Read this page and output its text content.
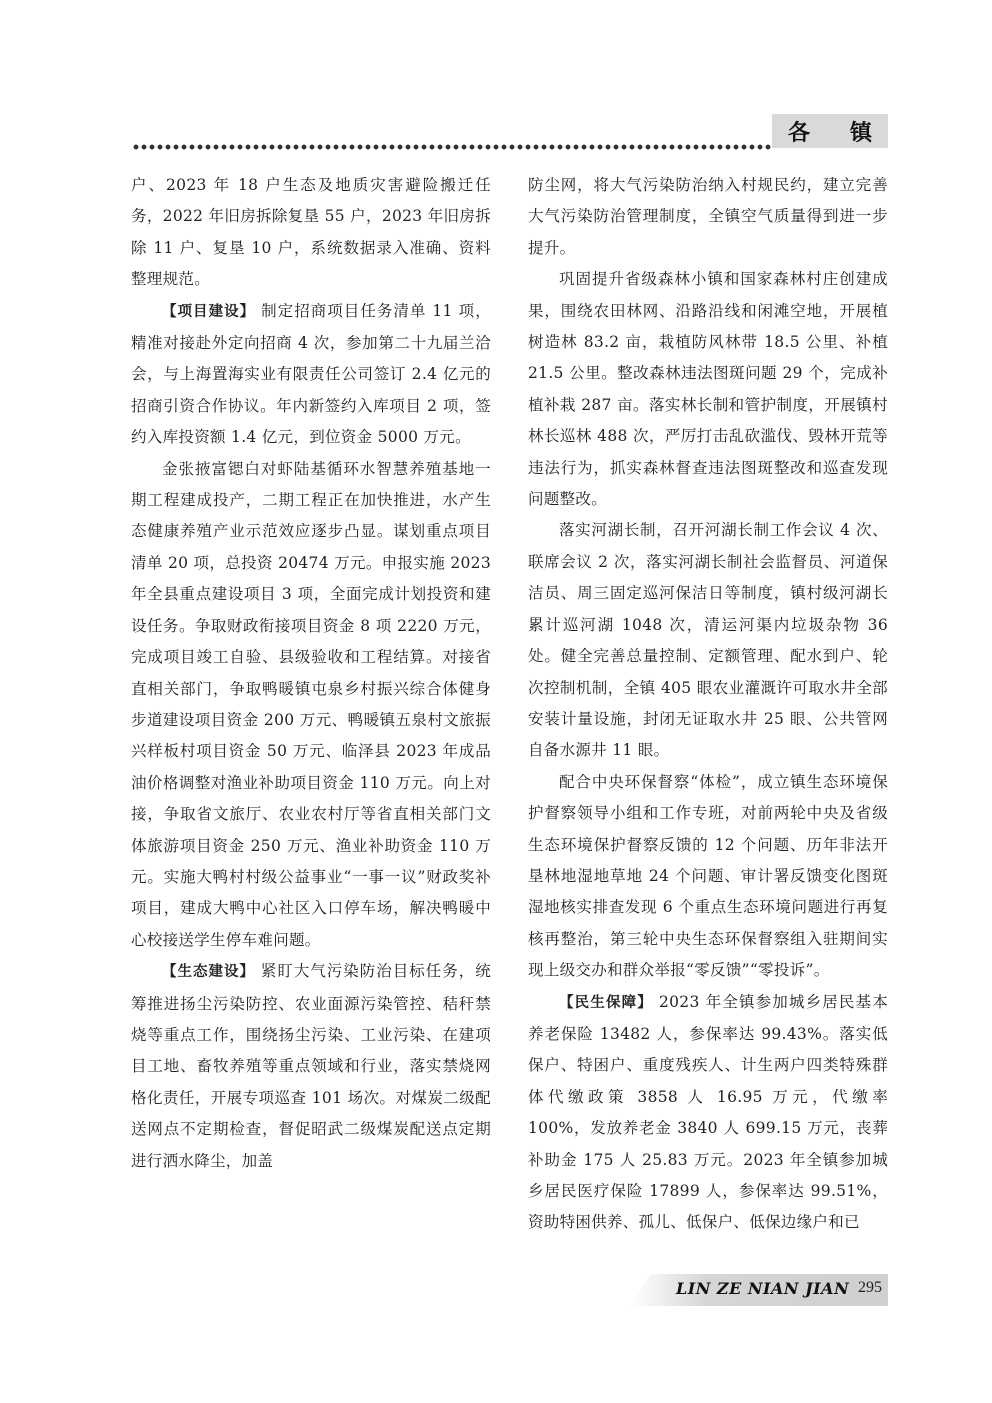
各 镇

户、2023 年 18 户生态及地质灾害避险搬迁任务，2022 年旧房拆除复垦 55 户，2023 年旧房拆除 11 户、复垦 10 户，系统数据录入准确、资料整理规范。

【项目建设】 制定招商项目任务清单 11 项，精准对接赴外定向招商 4 次，参加第二十九届兰洽会，与上海置海实业有限责任公司签订 2.4 亿元的招商引资合作协议。年内新签约入库项目 2 项，签约入库投资额 1.4 亿元，到位资金 5000 万元。

金张掖富锶白对虾陆基循环水智慧养殖基地一期工程建成投产，二期工程正在加快推进，水产生态健康养殖产业示范效应逐步凸显。谋划重点项目清单 20 项，总投资 20474 万元。申报实施 2023 年全县重点建设项目 3 项，全面完成计划投资和建设任务。争取财政衔接项目资金 8 项 2220 万元，完成项目竣工自验、县级验收和工程结算。对接省直相关部门，争取鸭暖镇屯泉乡村振兴综合体健身步道建设项目资金 200 万元、鸭暖镇五泉村文旅振兴样板村项目资金 50 万元、临泽县 2023 年成品油价格调整对渔业补助项目资金 110 万元。向上对接，争取省文旅厅、农业农村厅等省直相关部门文体旅游项目资金 250 万元、渔业补助资金 110 万元。实施大鸭村村级公益事业“一事一议”财政奖补项目，建成大鸭中心社区入口停车场，解决鸭暖中心校接送学生停车难问题。

【生态建设】 紧盯大气污染防治目标任务，统筹推进扬尘污染防控、农业面源污染管控、秸秆禁烧等重点工作，围绕扬尘污染、工业污染、在建项目工地、畜牧养殖等重点领域和行业，落实禁烧网格化责任，开展专项巡查 101 场次。对煤炭二级配送网点不定期检查，督促昭武二级煤炭配送点定期进行洒水降尘，加盖

防尘网，将大气污染防治纳入村规民约，建立完善大气污染防治管理制度，全镇空气质量得到进一步提升。

巩固提升省级森林小镇和国家森林村庄创建成果，围绕农田林网、沿路沿线和闲滩空地，开展植树造林 83.2 亩，栽植防风林带 18.5 公里、补植 21.5 公里。整改森林违法图斑问题 29 个，完成补植补栽 287 亩。落实林长制和管护制度，开展镇村林长巡林 488 次，严厉打击乱砍滥伐、毁林开荒等违法行为，抓实森林督查违法图斑整改和巡查发现问题整改。

落实河湖长制，召开河湖长制工作会议 4 次、联席会议 2 次，落实河湖长制社会监督员、河道保洁员、周三固定巡河保洁日等制度，镇村级河湖长累计巡河湖 1048 次，清运河渠内垃圾杂物 36 处。健全完善总量控制、定额管理、配水到户、轮次控制机制，全镇 405 眼农业灌溉许可取水井全部安装计量设施，封闭无证取水井 25 眼、公共管网自备水源井 11 眼。

配合中央环保督察“体检”，成立镇生态环境保护督察领导小组和工作专班，对前两轮中央及省级生态环境保护督察反馈的 12 个问题、历年非法开垦林地湿地草地 24 个问题、审计署反馈变化图斑湿地核实排查发现 6 个重点生态环境问题进行再复核再整治，第三轮中央生态环保督察组入驻期间实现上级交办和群众举报“零反馈”“零投诉”。

【民生保障】 2023 年全镇参加城乡居民基本养老保险 13482 人，参保率达 99.43%。落实低保户、特困户、重度残疾人、计生两户四类特殊群体代缴政策 3858 人 16.95 万元，代缴率 100%，发放养老金 3840 人 699.15 万元，丧葬补助金 175 人 25.83 万元。2023 年全镇参加城乡居民医疗保险 17899 人，参保率达 99.51%，资助特困供养、孤儿、低保户、低保边缘户和已

LIN ZE NIAN JIAN 295
